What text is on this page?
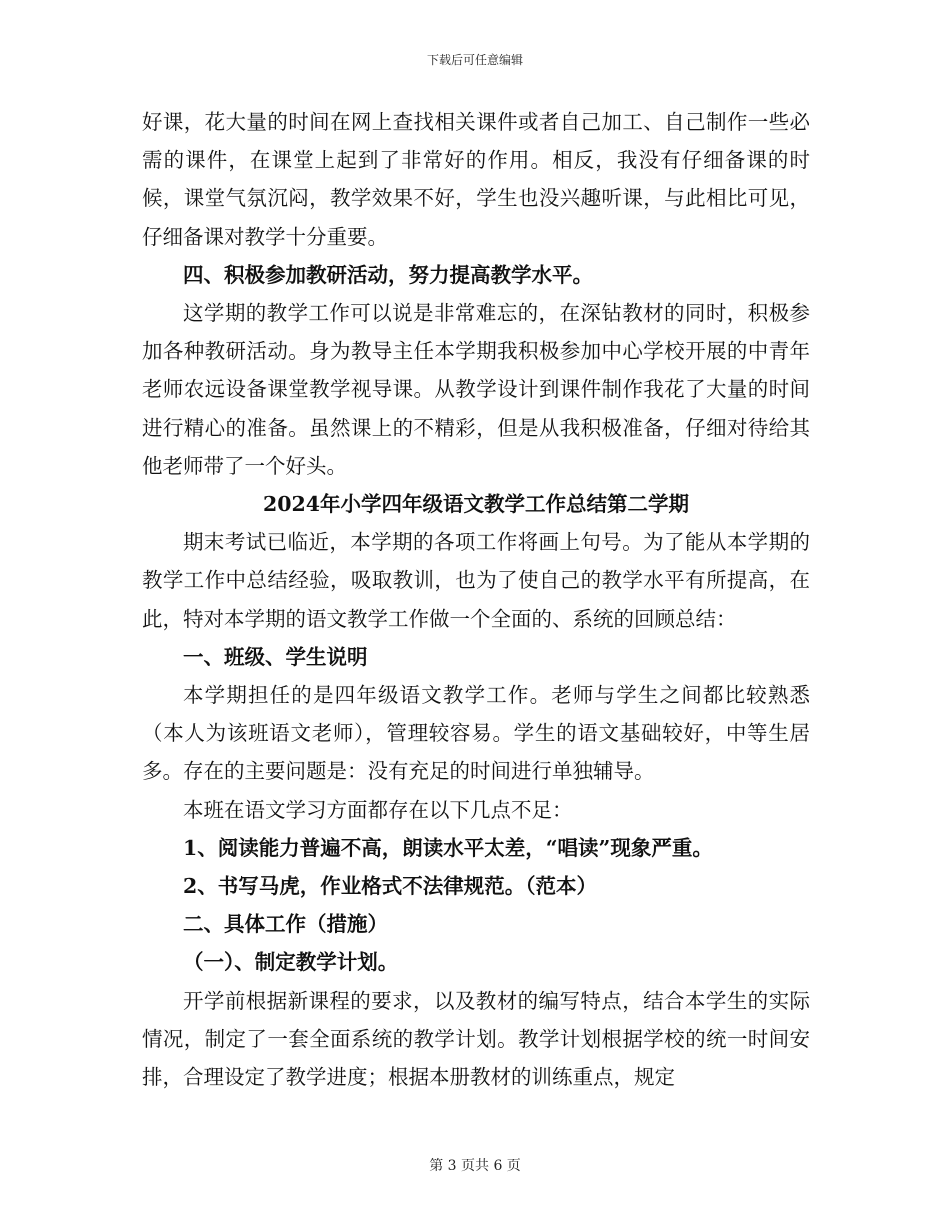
下载后可任意编辑

好课，花大量的时间在网上查找相关课件或者自己加工、自己制作一些必需的课件，在课堂上起到了非常好的作用。相反，我没有仔细备课的时候，课堂气氛沉闷，教学效果不好，学生也没兴趣听课，与此相比可见，仔细备课对教学十分重要。

四、积极参加教研活动，努力提高教学水平。

这学期的教学工作可以说是非常难忘的，在深钻教材的同时，积极参加各种教研活动。身为教导主任本学期我积极参加中心学校开展的中青年老师农远设备课堂教学视导课。从教学设计到课件制作我花了大量的时间进行精心的准备。虽然课上的不精彩，但是从我积极准备，仔细对待给其他老师带了一个好头。

2024年小学四年级语文教学工作总结第二学期

期末考试已临近，本学期的各项工作将画上句号。为了能从本学期的教学工作中总结经验，吸取教训，也为了使自己的教学水平有所提高，在此，特对本学期的语文教学工作做一个全面的、系统的回顾总结：

一、班级、学生说明

本学期担任的是四年级语文教学工作。老师与学生之间都比较熟悉（本人为该班语文老师），管理较容易。学生的语文基础较好，中等生居多。存在的主要问题是：没有充足的时间进行单独辅导。

本班在语文学习方面都存在以下几点不足：

1、阅读能力普遍不高，朗读水平太差，“唱读”现象严重。

2、书写马虎，作业格式不法律规范。（范本）

二、具体工作（措施）

（一）、制定教学计划。

开学前根据新课程的要求，以及教材的编写特点，结合本学生的实际情况，制定了一套全面系统的教学计划。教学计划根据学校的统一时间安排，合理设定了教学进度；根据本册教材的训练重点，规定

第 3 页共 6 页
